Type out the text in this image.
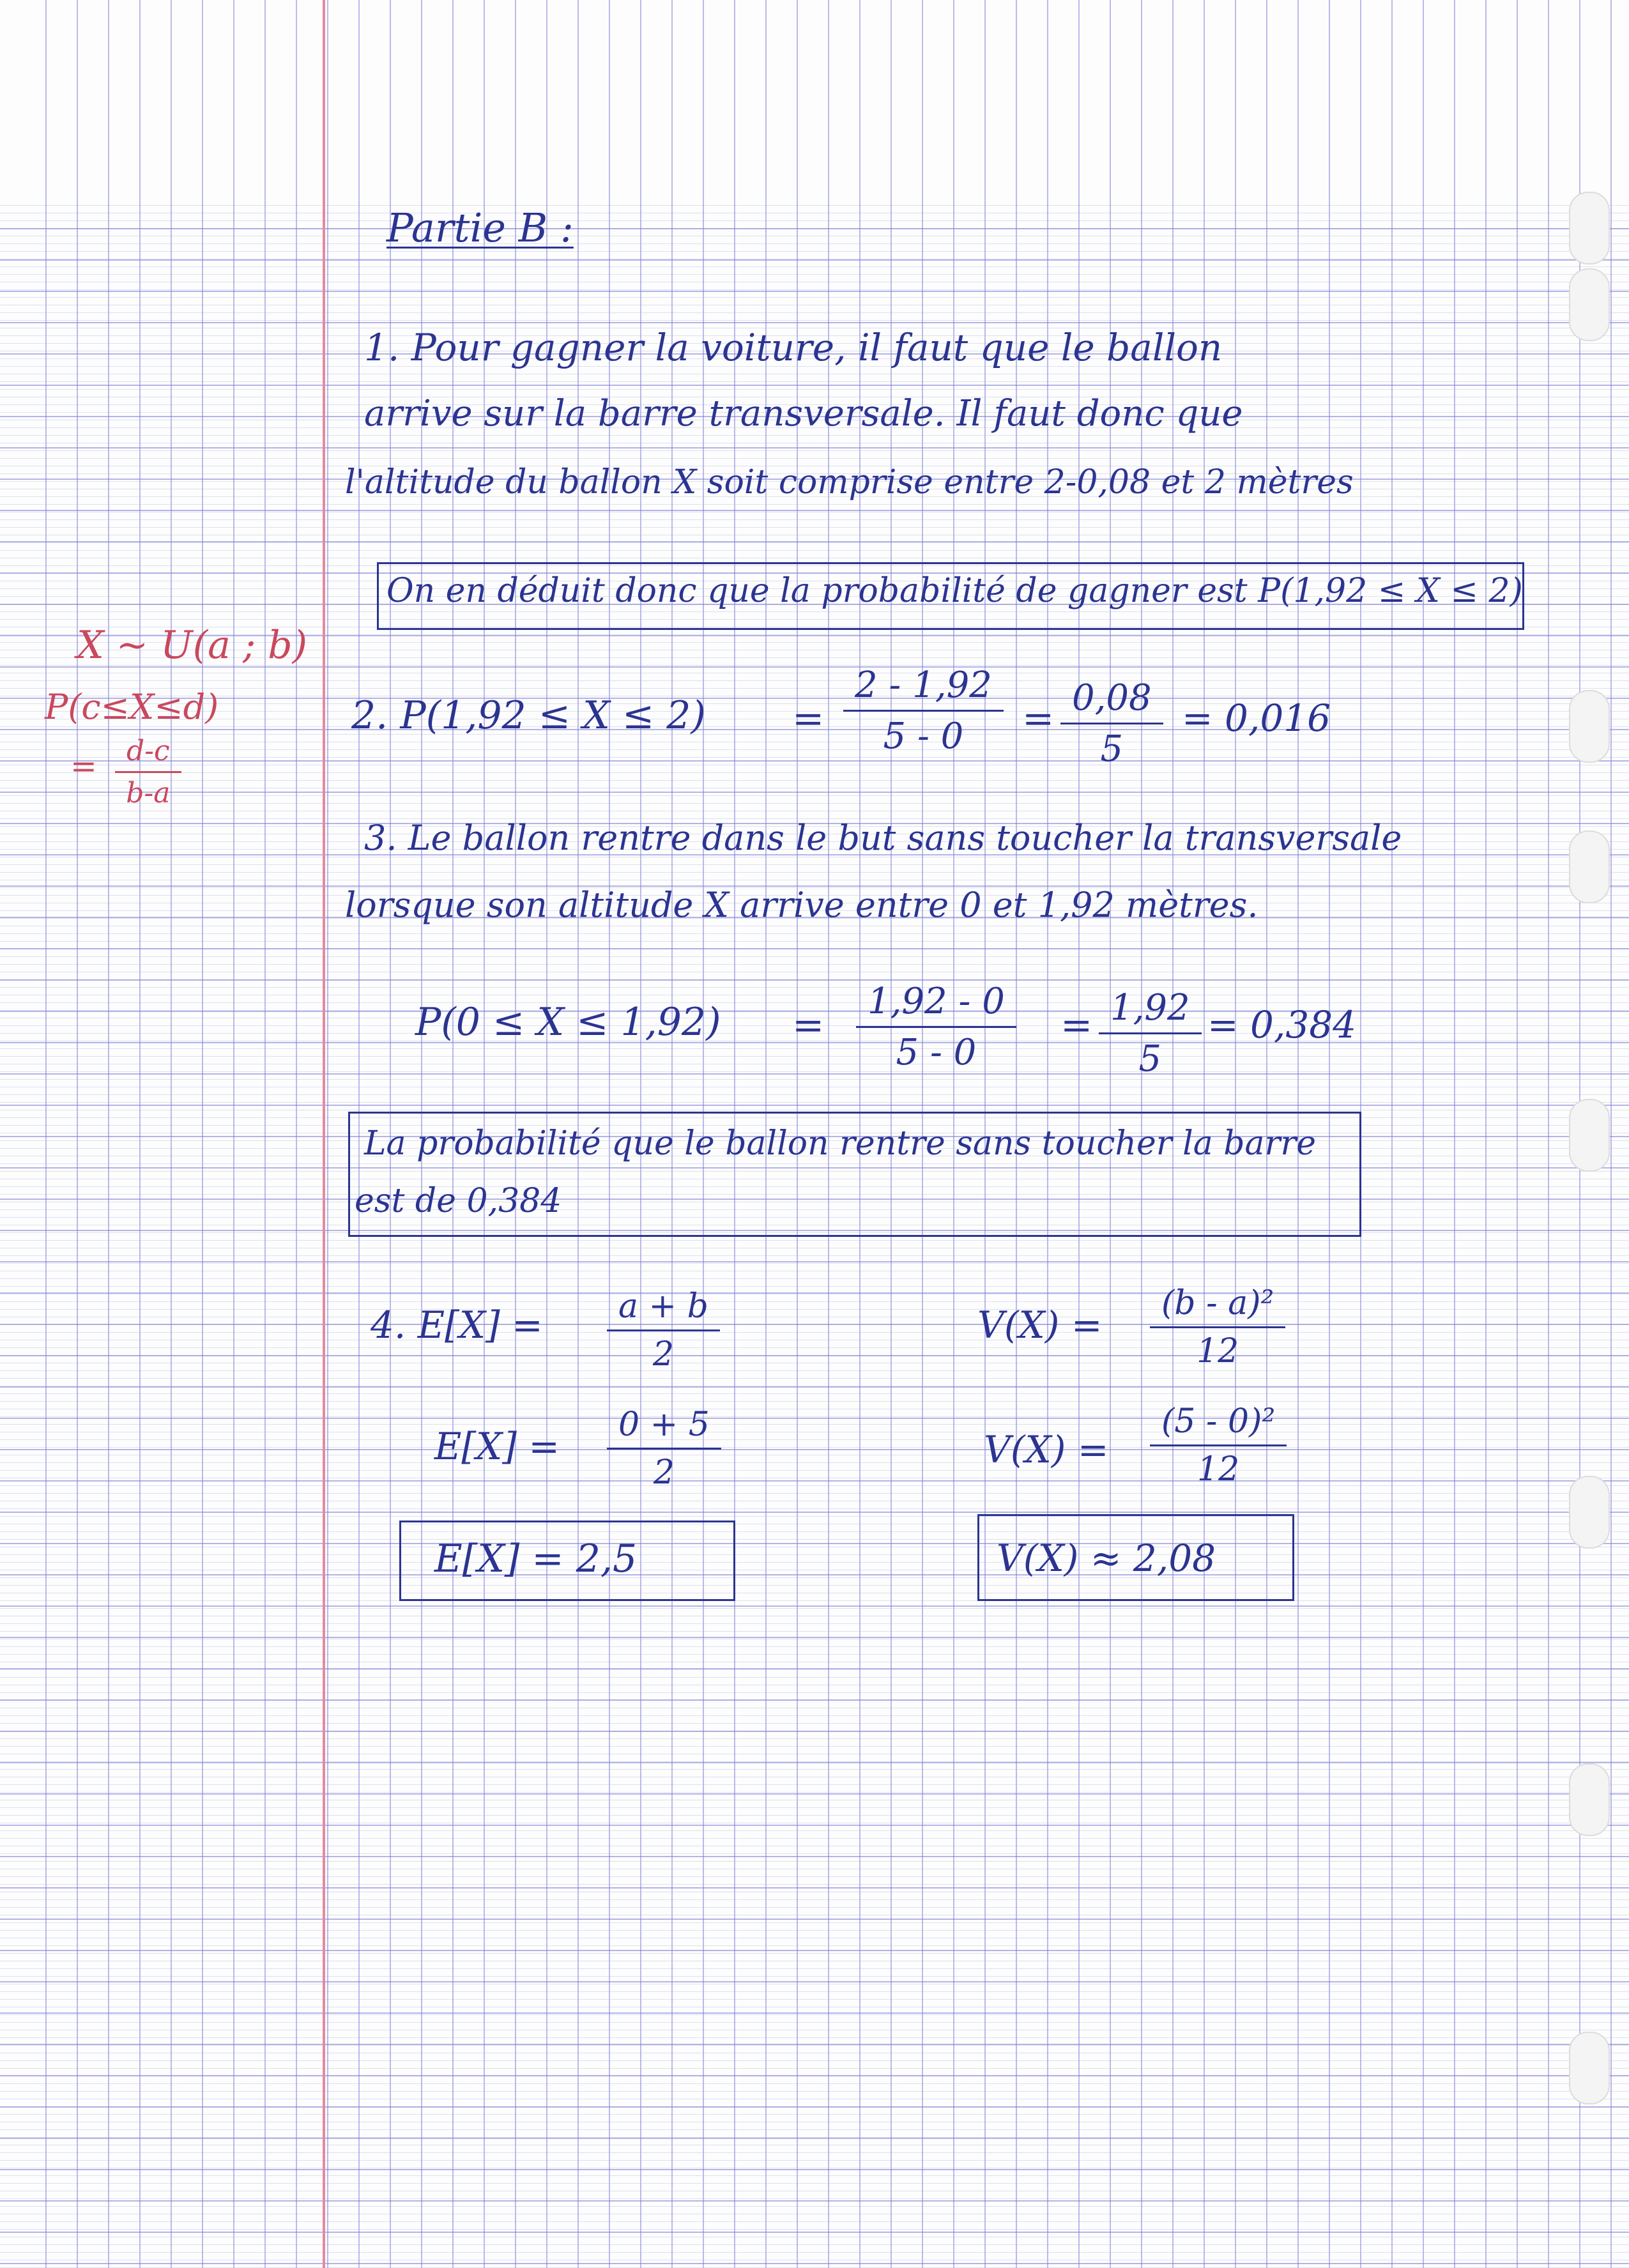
X ~ U(a ; b)
P(c≤X≤d)
= $\frac{d-c}{b-a}$
Partie B :
1. Pour gagner la voiture, il faut que le ballon
arrive sur la barre transversale. Il faut donc que
l'altitude du ballon X soit comprise entre 2-0,08 et 2 mètres
On en déduit donc que la probabilité de gagner est P(1,92 ≤ X ≤ 2)
2. $P(1,92 \le X \le 2) = \frac{2 - 1,92}{5 - 0} = \frac{0,08}{5} = 0,016$
3. Le ballon rentre dans le but sans toucher la transversale
lorsque son altitude X arrive entre 0 et 1,92 mètres.
$P(0 \le X \le 1,92) = \frac{1,92 - 0}{5 - 0} = \frac{1,92}{5} = 0,384$
La probabilité que le ballon rentre sans toucher la barre
est de 0,384
4. $E[X] = \frac{a + b}{2}$
$E[X] = \frac{0 + 5}{2}$
E[X] = 2,5
$V(X) = \frac{\text{(b - a)²}}{12}$
$V(X) = \frac{\text{(5 - 0)²}}{12}$
V(X) ≈ 2,08
